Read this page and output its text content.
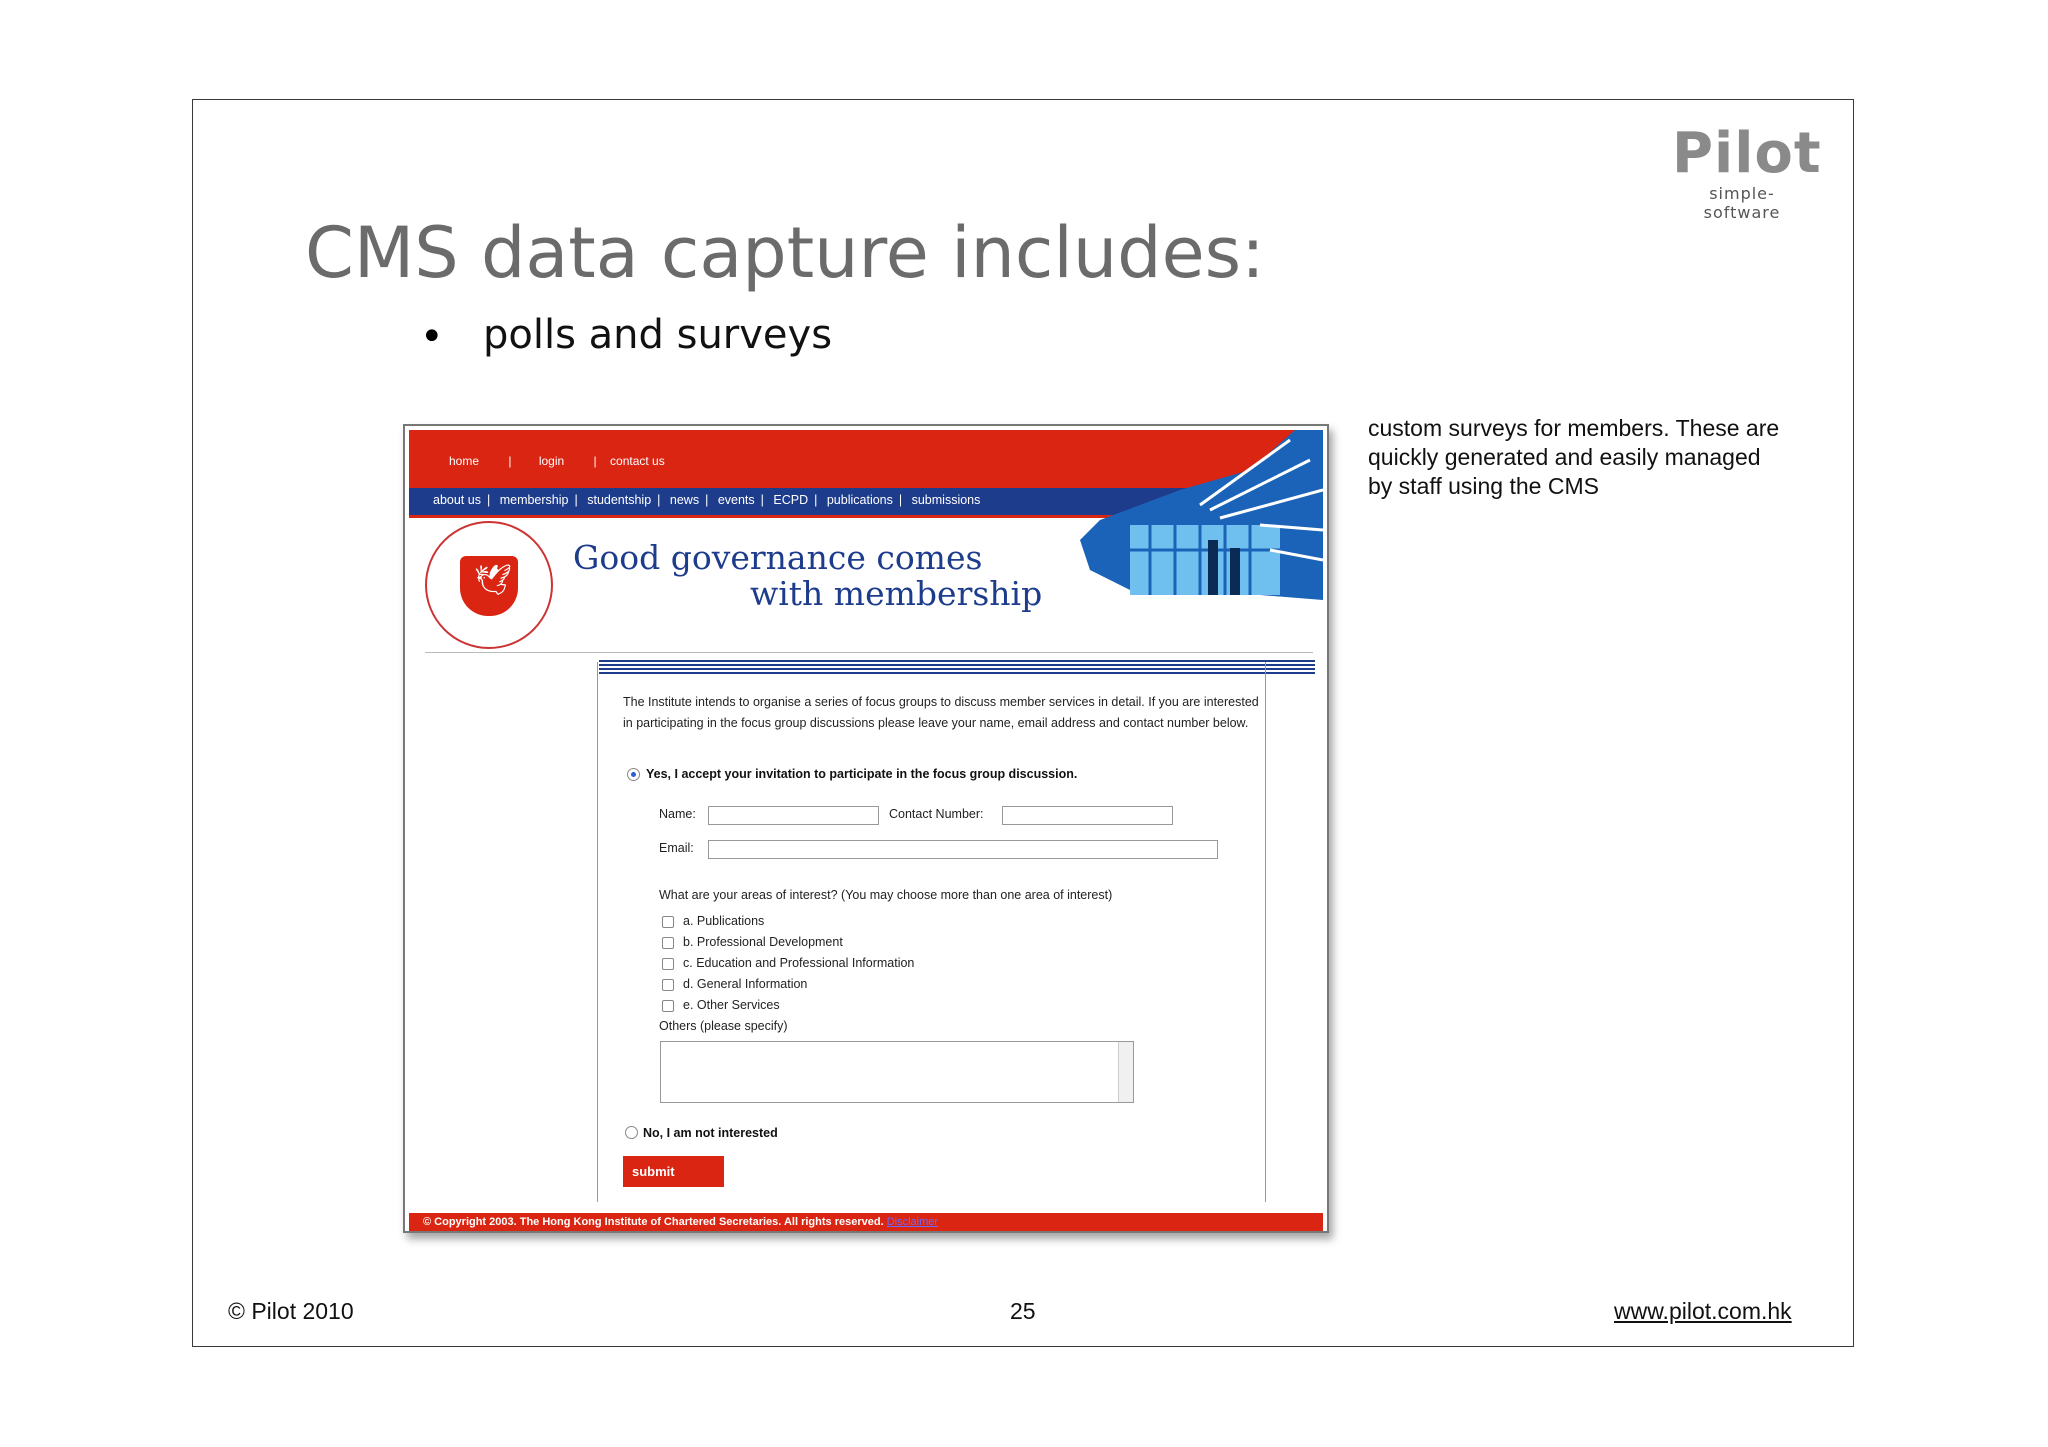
Pilot
simple-software
CMS data capture includes:
• polls and surveys
custom surveys for members. These are quickly generated and easily managed by staff using the CMS
© Pilot 2010	25	www.pilot.com.hk
home | login | contact us
about us | membership | studentship | news | events | ECPD | publications | submissions
🕊
Good governance comes
with membership
The Institute intends to organise a series of focus groups to discuss member services in detail. If you are interested in participating in the focus group discussions please leave your name, email address and contact number below.
Yes, I accept your invitation to participate in the focus group discussion.
Name:	Contact Number:
Email:
What are your areas of interest? (You may choose more than one area of interest)
a. Publications
b. Professional Development
c. Education and Professional Information
d. General Information
e. Other Services
Others (please specify)
No, I am not interested
submit
© Copyright 2003. The Hong Kong Institute of Chartered Secretaries. All rights reserved. Disclaimer
